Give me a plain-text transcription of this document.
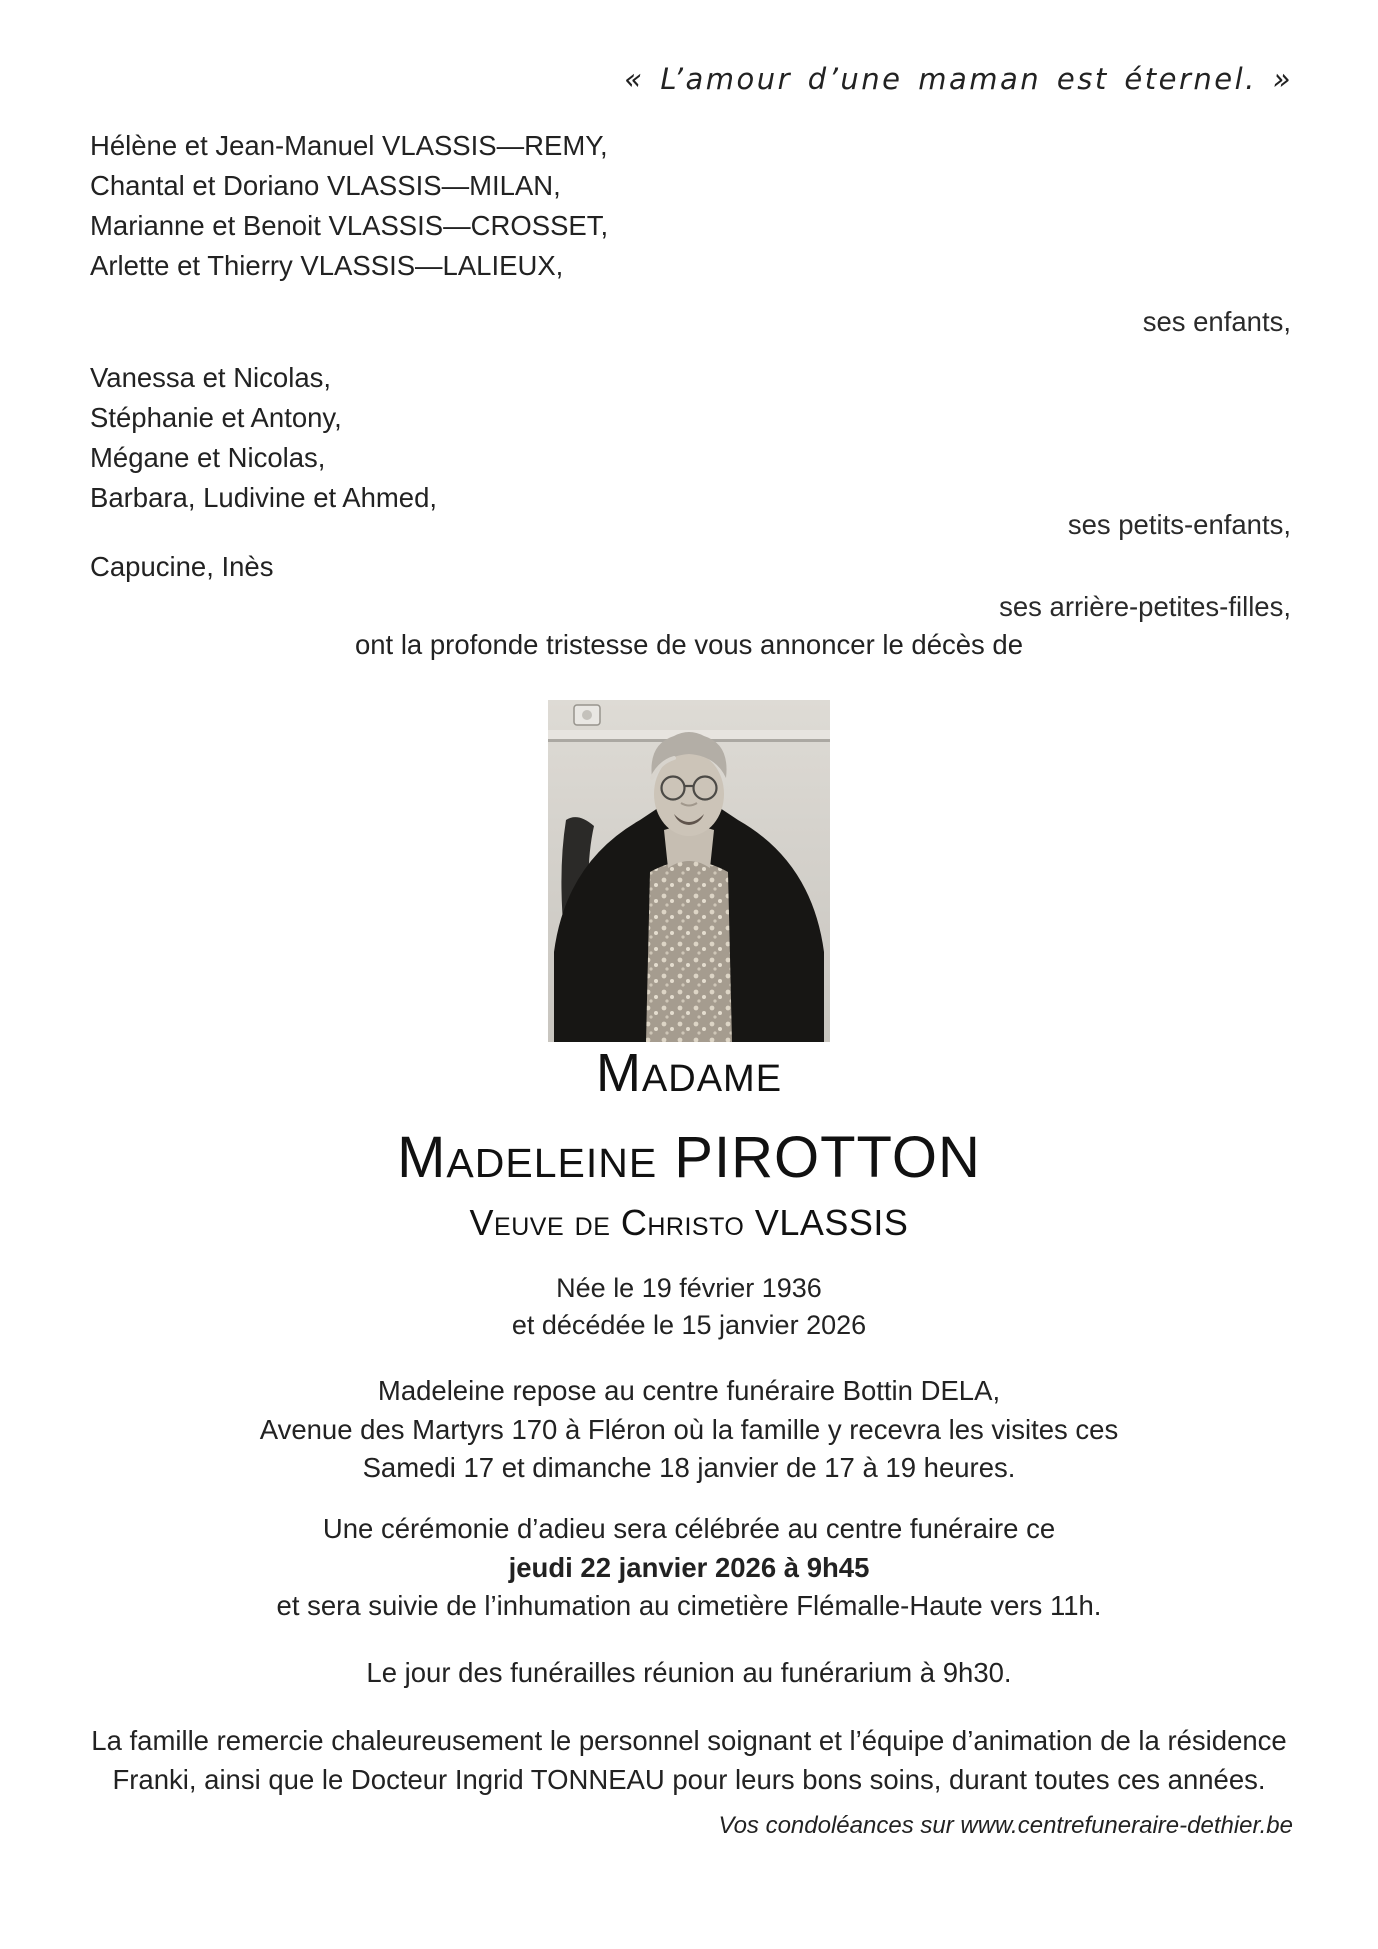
« L’amour d’une maman est éternel. »
Hélène et Jean-Manuel VLASSIS—REMY,
Chantal et Doriano VLASSIS—MILAN,
Marianne et Benoit VLASSIS—CROSSET,
Arlette et Thierry VLASSIS—LALIEUX,
ses enfants,
Vanessa et Nicolas,
Stéphanie et Antony,
Mégane et Nicolas,
Barbara, Ludivine et Ahmed,
ses petits-enfants,
Capucine, Inès
ses arrière-petites-filles,
ont la profonde tristesse de vous annoncer le décès de
Madame
Madeleine PIROTTON
Veuve de Christo VLASSIS
Née le 19 février 1936
et décédée le 15 janvier 2026
Madeleine repose au centre funéraire Bottin DELA,
Avenue des Martyrs 170 à Fléron où la famille y recevra les visites ces
Samedi 17 et dimanche 18 janvier de 17 à 19 heures.
Une cérémonie d’adieu sera célébrée au centre funéraire ce
jeudi 22 janvier 2026 à 9h45
et sera suivie de l’inhumation au cimetière Flémalle-Haute vers 11h.
Le jour des funérailles réunion au funérarium à 9h30.
La famille remercie chaleureusement le personnel soignant et l’équipe d’animation de la résidence
Franki, ainsi que le Docteur Ingrid TONNEAU pour leurs bons soins, durant toutes ces années.
Vos condoléances sur www.centrefuneraire-dethier.be
